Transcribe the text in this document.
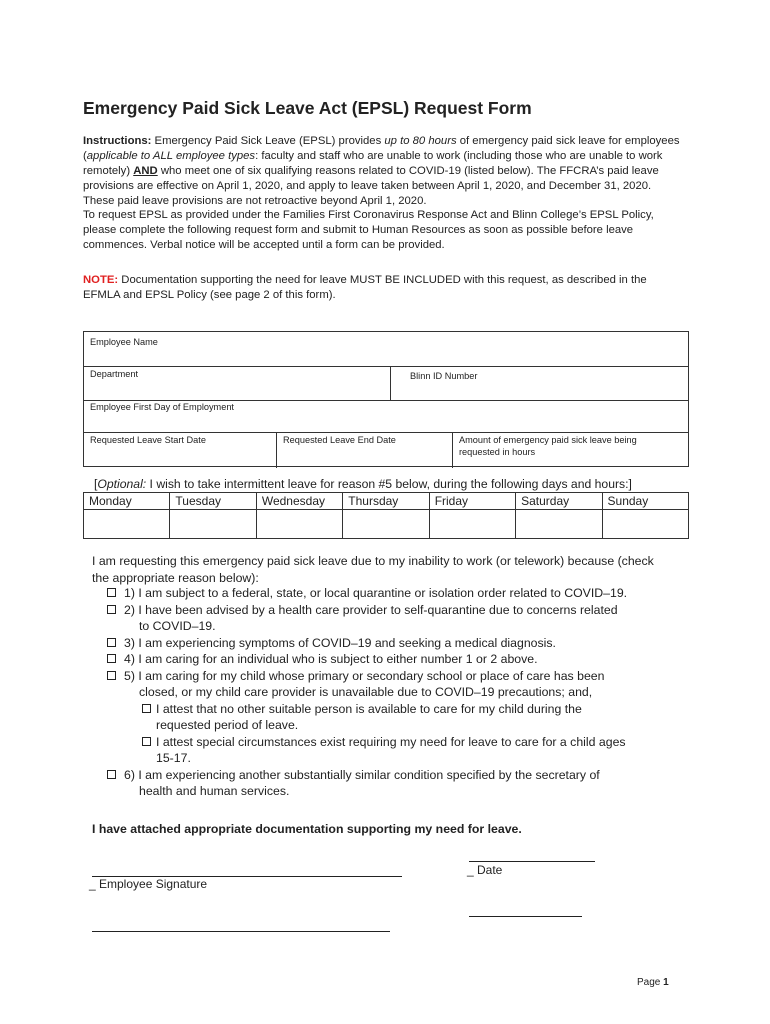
Emergency Paid Sick Leave Act (EPSL) Request Form
Instructions: Emergency Paid Sick Leave (EPSL) provides up to 80 hours of emergency paid sick leave for employees (applicable to ALL employee types: faculty and staff who are unable to work (including those who are unable to work remotely) AND who meet one of six qualifying reasons related to COVID-19 (listed below). The FFCRA’s paid leave provisions are effective on April 1, 2020, and apply to leave taken between April 1, 2020, and December 31, 2020. These paid leave provisions are not retroactive beyond April 1, 2020.
To request EPSL as provided under the Families First Coronavirus Response Act and Blinn College’s EPSL Policy, please complete the following request form and submit to Human Resources as soon as possible before leave commences. Verbal notice will be accepted until a form can be provided.
NOTE: Documentation supporting the need for leave MUST BE INCLUDED with this request, as described in the EFMLA and EPSL Policy (see page 2 of this form).
Employee Name
Department	Blinn ID Number
Employee First Day of Employment
Requested Leave Start Date	Requested Leave End Date	Amount of emergency paid sick leave being
requested in hours
[Optional: I wish to take intermittent leave for reason #5 below, during the following days and hours:]
Monday	Tuesday	Wednesday	Thursday	Friday	Saturday	Sunday

I am requesting this emergency paid sick leave due to my inability to work (or telework) because (check the appropriate reason below):
1) I am subject to a federal, state, or local quarantine or isolation order related to COVID–19.
2) I have been advised by a health care provider to self-quarantine due to concerns related
to COVID–19.
3) I am experiencing symptoms of COVID–19 and seeking a medical diagnosis.
4) I am caring for an individual who is subject to either number 1 or 2 above.
5) I am caring for my child whose primary or secondary school or place of care has been
closed, or my child care provider is unavailable due to COVID–19 precautions; and,
I attest that no other suitable person is available to care for my child during the
requested period of leave.
I attest special circumstances exist requiring my need for leave to care for a child ages
15-17.
6) I am experiencing another substantially similar condition specified by the secretary of
health and human services.
I have attached appropriate documentation supporting my need for leave.
_ Employee Signature
_ Date
Page 1
